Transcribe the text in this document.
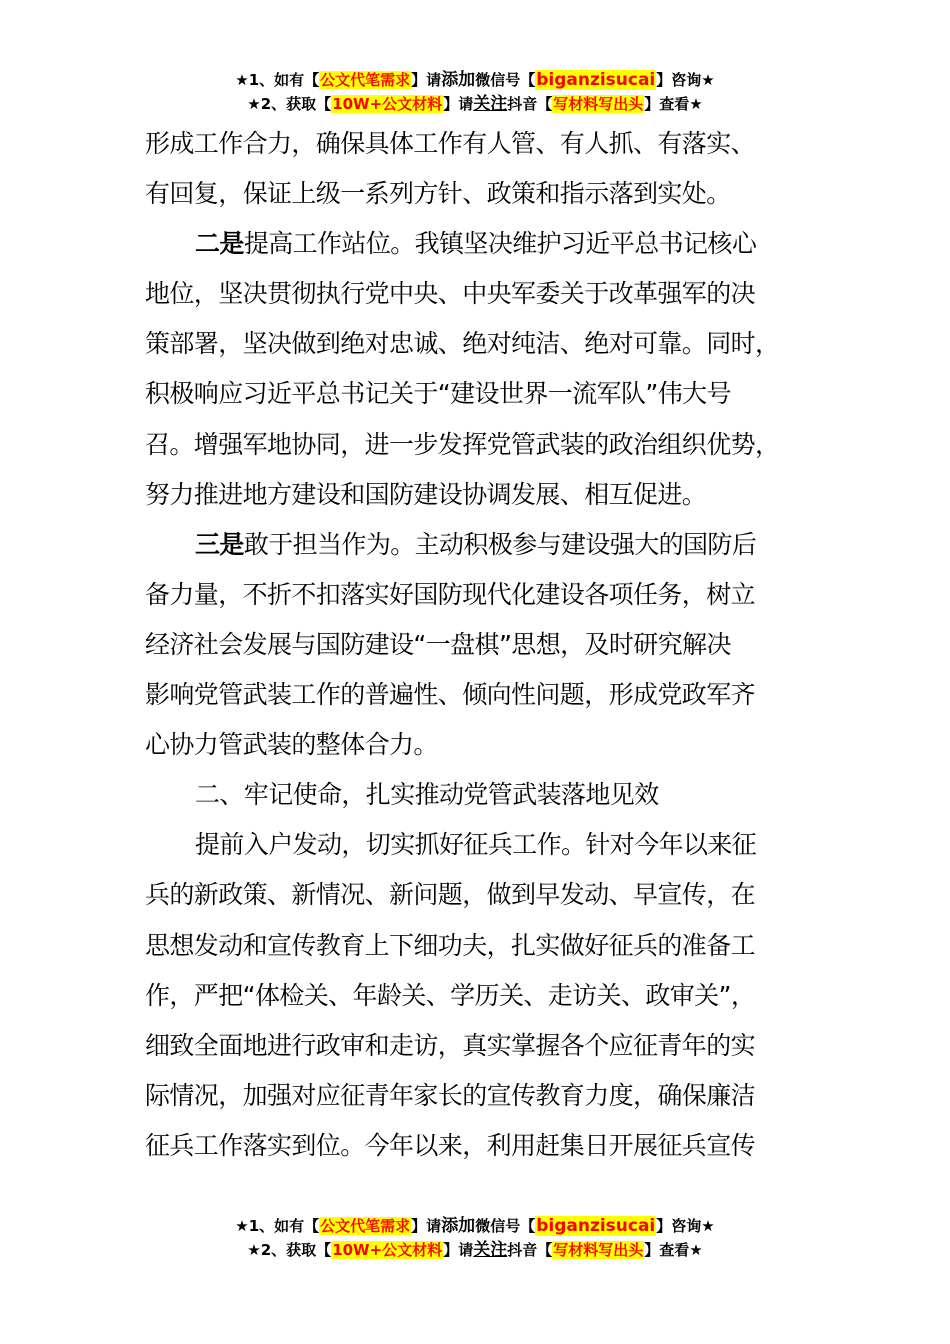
★1、如有【公文代笔需求】请添加微信号【biganzisucai】咨询★
★2、获取【10W+公文材料】请关注抖音【写材料写出头】查看★
形成工作合力，确保具体工作有人管、有人抓、有落实、
有回复，保证上级一系列方针、政策和指示落到实处。
二是提高工作站位。我镇坚决维护习近平总书记核心
地位，坚决贯彻执行党中央、中央军委关于改革强军的决
策部署，坚决做到绝对忠诚、绝对纯洁、绝对可靠。同时，
积极响应习近平总书记关于“建设世界一流军队”伟大号
召。增强军地协同，进一步发挥党管武装的政治组织优势，
努力推进地方建设和国防建设协调发展、相互促进。
三是敢于担当作为。主动积极参与建设强大的国防后
备力量，不折不扣落实好国防现代化建设各项任务，树立
经济社会发展与国防建设“一盘棋”思想，及时研究解决
影响党管武装工作的普遍性、倾向性问题，形成党政军齐
心协力管武装的整体合力。
二、牢记使命，扎实推动党管武装落地见效
提前入户发动，切实抓好征兵工作。针对今年以来征
兵的新政策、新情况、新问题，做到早发动、早宣传，在
思想发动和宣传教育上下细功夫，扎实做好征兵的准备工
作，严把“体检关、年龄关、学历关、走访关、政审关”，
细致全面地进行政审和走访，真实掌握各个应征青年的实
际情况，加强对应征青年家长的宣传教育力度，确保廉洁
征兵工作落实到位。今年以来，利用赶集日开展征兵宣传
★1、如有【公文代笔需求】请添加微信号【biganzisucai】咨询★
★2、获取【10W+公文材料】请关注抖音【写材料写出头】查看★
